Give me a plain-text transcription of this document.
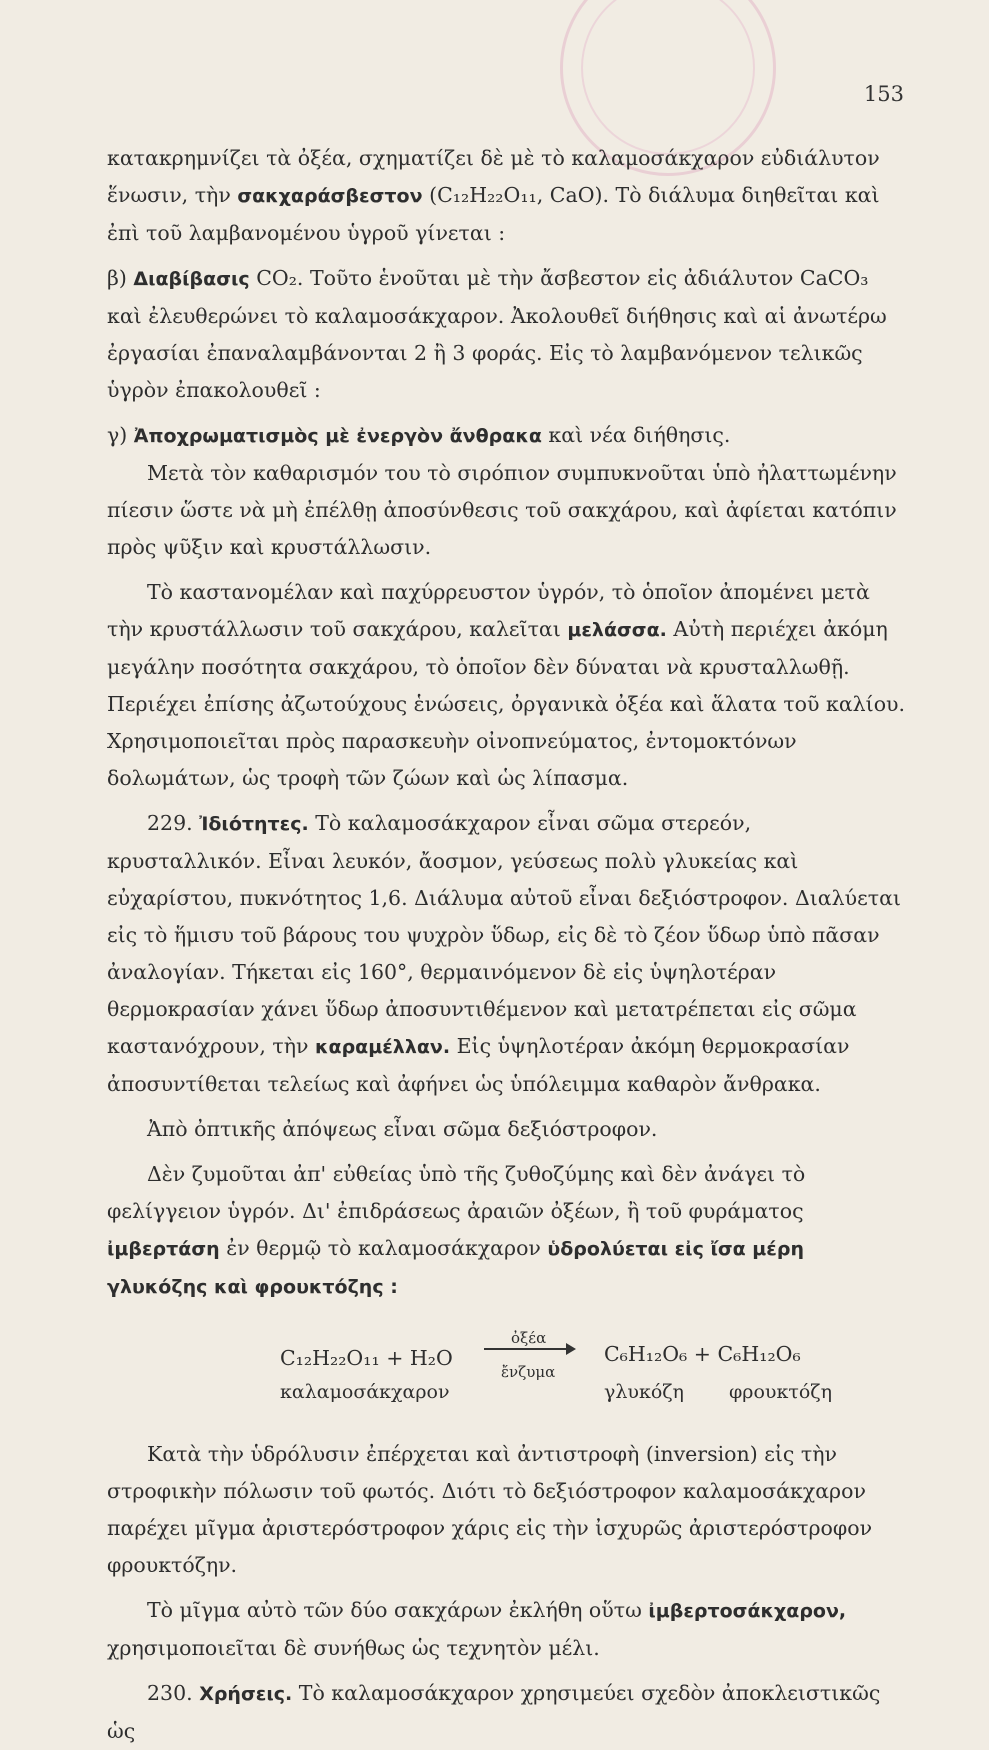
153

κατακρημνίζει τὰ ὀξέα, σχηματίζει δὲ μὲ τὸ καλαμοσάκχαρον εὐδιάλυτον ἕνωσιν, τὴν σακχαράσβεστον (C₁₂H₂₂O₁₁, CaO). Τὸ διάλυμα διηθεῖται καὶ ἐπὶ τοῦ λαμβανομένου ὑγροῦ γίνεται :

β) Διαβίβασις CO₂. Τοῦτο ἑνοῦται μὲ τὴν ἄσβεστον εἰς ἀδιάλυτον CaCO₃ καὶ ἐλευθερώνει τὸ καλαμοσάκχαρον. Ἀκολουθεῖ διήθησις καὶ αἱ ἀνωτέρω ἐργασίαι ἐπαναλαμβάνονται 2 ἢ 3 φοράς. Εἰς τὸ λαμβανόμενον τελικῶς ὑγρὸν ἐπακολουθεῖ :

γ) Ἀποχρωματισμὸς μὲ ἐνεργὸν ἄνθρακα καὶ νέα διήθησις.

Μετὰ τὸν καθαρισμόν του τὸ σιρόπιον συμπυκνοῦται ὑπὸ ἠλαττωμένην πίεσιν ὥστε νὰ μὴ ἐπέλθῃ ἀποσύνθεσις τοῦ σακχάρου, καὶ ἀφίεται κατόπιν πρὸς ψῦξιν καὶ κρυστάλλωσιν.

Τὸ καστανομέλαν καὶ παχύρρευστον ὑγρόν, τὸ ὁποῖον ἀπομένει μετὰ τὴν κρυστάλλωσιν τοῦ σακχάρου, καλεῖται μελάσσα. Αὐτὴ περιέχει ἀκόμη μεγάλην ποσότητα σακχάρου, τὸ ὁποῖον δὲν δύναται νὰ κρυσταλλωθῇ. Περιέχει ἐπίσης ἀζωτούχους ἑνώσεις, ὀργανικὰ ὀξέα καὶ ἅλατα τοῦ καλίου. Χρησιμοποιεῖται πρὸς παρασκευὴν οἰνοπνεύματος, ἐντομοκτόνων δολωμάτων, ὡς τροφὴ τῶν ζώων καὶ ὡς λίπασμα.

229. Ἰδιότητες. Τὸ καλαμοσάκχαρον εἶναι σῶμα στερεόν, κρυσταλλικόν. Εἶναι λευκόν, ἄοσμον, γεύσεως πολὺ γλυκείας καὶ εὐχαρίστου, πυκνότητος 1,6. Διάλυμα αὐτοῦ εἶναι δεξιόστροφον. Διαλύεται εἰς τὸ ἥμισυ τοῦ βάρους του ψυχρὸν ὕδωρ, εἰς δὲ τὸ ζέον ὕδωρ ὑπὸ πᾶσαν ἀναλογίαν. Τήκεται εἰς 160°, θερμαινόμενον δὲ εἰς ὑψηλοτέραν θερμοκρασίαν χάνει ὕδωρ ἀποσυντιθέμενον καὶ μετατρέπεται εἰς σῶμα καστανόχρουν, τὴν καραμέλλαν. Εἰς ὑψηλοτέραν ἀκόμη θερμοκρασίαν ἀποσυντίθεται τελείως καὶ ἀφήνει ὡς ὑπόλειμμα καθαρὸν ἄνθρακα.

Ἀπὸ ὀπτικῆς ἀπόψεως εἶναι σῶμα δεξιόστροφον.

Δὲν ζυμοῦται ἀπ' εὐθείας ὑπὸ τῆς ζυθοζύμης καὶ δὲν ἀνάγει τὸ φελίγγειον ὑγρόν. Δι' ἐπιδράσεως ἀραιῶν ὀξέων, ἢ τοῦ φυράματος ἰμβερτάση ἐν θερμῷ τὸ καλαμοσάκχαρον ὑδρολύεται εἰς ἴσα μέρη γλυκόζης καὶ φρουκτόζης :

C₁₂H₂₂O₁₁ + H₂O
ὀξέα
ἔνζυμα
C₆H₁₂O₆ + C₆H₁₂O₆
καλαμοσάκχαρον	γλυκόζη φρουκτόζη

Κατὰ τὴν ὑδρόλυσιν ἐπέρχεται καὶ ἀντιστροφὴ (inversion) εἰς τὴν στροφικὴν πόλωσιν τοῦ φωτός. Διότι τὸ δεξιόστροφον καλαμοσάκχαρον παρέχει μῖγμα ἀριστερόστροφον χάρις εἰς τὴν ἰσχυρῶς ἀριστερόστροφον φρουκτόζην.

Τὸ μῖγμα αὐτὸ τῶν δύο σακχάρων ἐκλήθη οὕτω ἰμβερτοσάκχαρον, χρησιμοποιεῖται δὲ συνήθως ὡς τεχνητὸν μέλι.

230. Χρήσεις. Τὸ καλαμοσάκχαρον χρησιμεύει σχεδὸν ἀποκλειστικῶς ὡς
